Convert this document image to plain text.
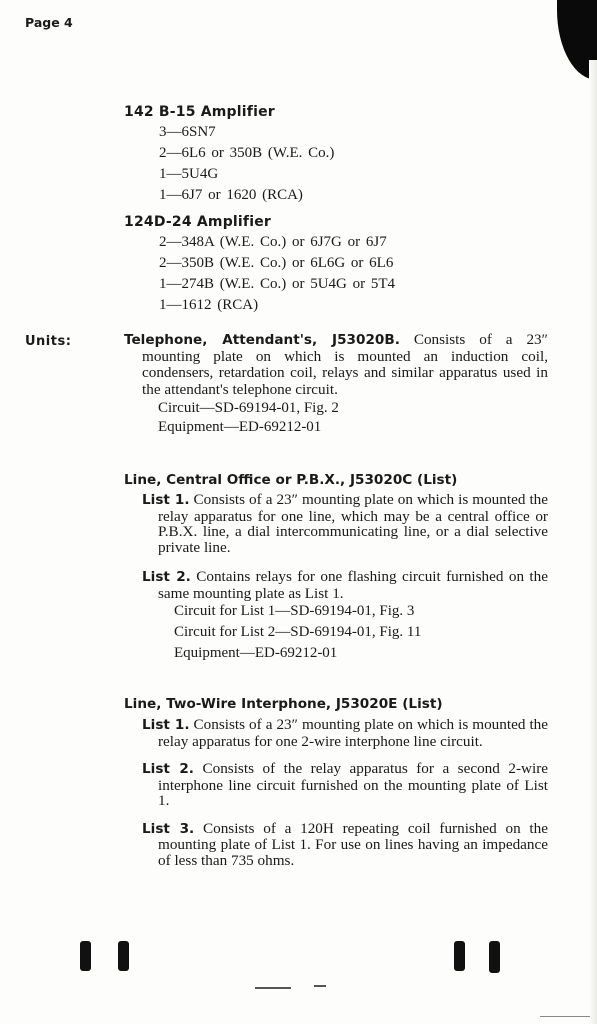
Page 4
142 B-15 Amplifier
3—6SN7
2—6L6 or 350B (W.E. Co.)
1—5U4G
1—6J7 or 1620 (RCA)
124D-24 Amplifier
2—348A (W.E. Co.) or 6J7G or 6J7
2—350B (W.E. Co.) or 6L6G or 6L6
1—274B (W.E. Co.) or 5U4G or 5T4
1—1612 (RCA)
Units:	Telephone, Attendant's, J53020B. Consists of a 23″ mounting plate on which is mounted an induction coil, condensers, retardation coil, relays and similar apparatus used in the attendant's telephone circuit.

Circuit—SD-69194-01, Fig. 2
Equipment—ED-69212-01
Line, Central Office or P.B.X., J53020C (List)

List 1. Consists of a 23″ mounting plate on which is mounted the relay apparatus for one line, which may be a central office or P.B.X. line, a dial intercommunicating line, or a dial selective private line.

List 2. Contains relays for one flashing circuit furnished on the same mounting plate as List 1.

Circuit for List 1—SD-69194-01, Fig. 3
Circuit for List 2—SD-69194-01, Fig. 11
Equipment—ED-69212-01
Line, Two-Wire Interphone, J53020E (List)

List 1. Consists of a 23″ mounting plate on which is mounted the relay apparatus for one 2-wire interphone line circuit.

List 2. Consists of the relay apparatus for a second 2-wire interphone line circuit furnished on the mounting plate of List 1.

List 3. Consists of a 120H repeating coil furnished on the mounting plate of List 1. For use on lines having an impedance of less than 735 ohms.
